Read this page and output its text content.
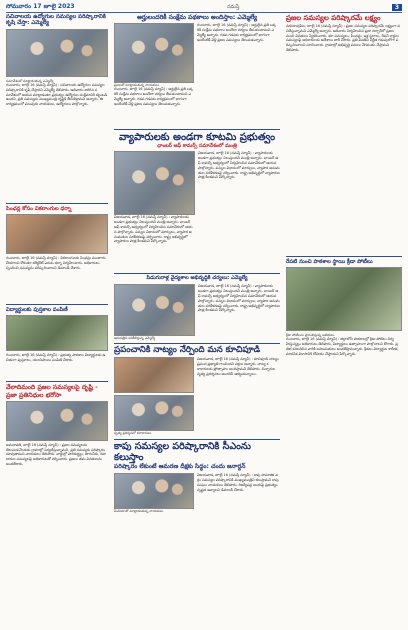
సోమవారం 17 జూలై 2023	నమస్తే	3
సచివాలయ ఉద్యోగుల సమస్యల పరిష్కారానికి కృషి చేస్తా: ఎమ్మెల్యే
సమావేశంలో మాట్లాడుతున్న ఎమ్మెల్యే
గుంటూరు, జూలై 16 (నమస్తే న్యూస్) : సచివాలయ ఉద్యోగుల సమస్యల పరిష్కారానికి కృషి చేస్తానని ఎమ్మెల్యే తెలిపారు. ఆదివారం జరిగిన సమావేశంలో ఆయన మాట్లాడుతూ ప్రభుత్వం ఉద్యోగుల సంక్షేమానికి కట్టుబడి ఉందని, ప్రతి సమస్యను ముఖ్యమంత్రి దృష్టికి తీసుకెళ్తామని అన్నారు. ఈ కార్యక్రమంలో పలువురు నాయకులు, ఉద్యోగులు పాల్గొన్నారు.
పింఛన్ల కోసం వికలాంగుల ధర్నా
గుంటూరు, జూలై 16 (నమస్తే న్యూస్) : వికలాంగులకు పింఛన్లు మంజూరు చేయాలని కోరుతూ కలెక్టరేట్ ఎదుట ధర్నా నిర్వహించారు. అధికారులు స్పందించి సమస్యను పరిష్కరించాలని డిమాండ్ చేశారు.
విద్యార్థులకు పుస్తకాల పంపిణీ
గుంటూరు, జూలై 16 (నమస్తే న్యూస్) : ప్రభుత్వ పాఠశాల విద్యార్థులకు ఉచితంగా పుస్తకాలు, యూనిఫాంలు పంపిణీ చేశారు.
వేలాదిమంది ప్రజల సమస్యలపై దృష్టి - ప్రజా ప్రతినిధుల భరోసా
అమరావతి, జూలై 16 (నమస్తే న్యూస్) : ప్రజల సమస్యలను తెలుసుకునేందుకు గ్రామాల్లో పర్యటిస్తున్నామని, ప్రతి సమస్యకు పరిష్కారం చూపుతామని నాయకులు తెలిపారు. వార్డుల్లో పారిశుద్ధ్యం, తాగునీరు, రహదారుల సమస్యలపై అధికారులతో చర్చించారు. ప్రజలు తమ వినతులను అందజేశారు.
అర్హులందరికీ సంక్షేమ పథకాలు అందిస్తాం: ఎమ్మెల్యే
ప్రజలతో మాట్లాడుతున్న నాయకులు
గుంటూరు, జూలై 16 (నమస్తే న్యూస్) : అర్హులైన ప్రతి ఒక్కరికీ సంక్షేమ పథకాలు అందేలా చర్యలు తీసుకుంటామని ఎమ్మెల్యే అన్నారు. గడప గడపకు కార్యక్రమంలో భాగంగా ఇంటింటికీ వెళ్లి ప్రజల సమస్యలు తెలుసుకున్నారు.
గుంటూరు, జూలై 16 (నమస్తే న్యూస్) : అర్హులైన ప్రతి ఒక్కరికీ సంక్షేమ పథకాలు అందేలా చర్యలు తీసుకుంటామని ఎమ్మెల్యే అన్నారు. గడప గడపకు కార్యక్రమంలో భాగంగా ఇంటింటికీ వెళ్లి ప్రజల సమస్యలు తెలుసుకున్నారు.
వ్యాపారులకు అండగా కూటమి ప్రభుత్వం
ఛాంబర్ ఆఫ్ కామర్స్ సమావేశంలో మంత్రి
విజయవాడ, జూలై 16 (నమస్తే న్యూస్) : వ్యాపారులకు అండగా ప్రభుత్వం నిలుస్తుందని మంత్రి అన్నారు. ఛాంబర్ ఆఫ్ కామర్స్ ఆధ్వర్యంలో నిర్వహించిన సమావేశంలో ఆయన పాల్గొన్నారు. పన్నుల విధానంలో మార్పులు, వ్యాపార అనుమతుల సరళీకరణపై చర్చించారు. రాష్ట్ర అభివృద్ధిలో వ్యాపారుల పాత్ర కీలకమని పేర్కొన్నారు.
విజయవాడ, జూలై 16 (నమస్తే న్యూస్) : వ్యాపారులకు అండగా ప్రభుత్వం నిలుస్తుందని మంత్రి అన్నారు. ఛాంబర్ ఆఫ్ కామర్స్ ఆధ్వర్యంలో నిర్వహించిన సమావేశంలో ఆయన పాల్గొన్నారు. పన్నుల విధానంలో మార్పులు, వ్యాపార అనుమతుల సరళీకరణపై చర్చించారు. రాష్ట్ర అభివృద్ధిలో వ్యాపారుల పాత్ర కీలకమని పేర్కొన్నారు.
పిడుగురాళ్ల వైద్యశాల అభివృద్ధికి చర్యలు: ఎమ్మెల్యే
విజయవాడ, జూలై 16 (నమస్తే న్యూస్) : వ్యాపారులకు అండగా ప్రభుత్వం నిలుస్తుందని మంత్రి అన్నారు. ఛాంబర్ ఆఫ్ కామర్స్ ఆధ్వర్యంలో నిర్వహించిన సమావేశంలో ఆయన పాల్గొన్నారు. పన్నుల విధానంలో మార్పులు, వ్యాపార అనుమతుల సరళీకరణపై చర్చించారు. రాష్ట్ర అభివృద్ధిలో వ్యాపారుల పాత్ర కీలకమని పేర్కొన్నారు.
ఆసుపత్రిని పరిశీలిస్తున్న ఎమ్మెల్యే
ప్రపంచానికి నాట్యం నేర్పింది మన కూచిపూడి
నృత్య ప్రదర్శనలో కళాకారులు
విజయవాడ, జూలై 16 (నమస్తే న్యూస్) : కూచిపూడి నాట్యం ప్రపంచ ప్రఖ్యాతి గాంచిందని వక్తలు అన్నారు. నాట్య కళాకారులకు ప్రోత్సాహం అందిస్తామని తెలిపారు. చిన్నారుల నృత్య ప్రదర్శనలు అందరినీ ఆకట్టుకున్నాయి.
కాపు సమస్యల పరిష్కారానికి సీఎంను కలుస్తాం
పరిష్కారం లేకుంటే ఆమరణ దీక్షకు సిద్ధం: చందు జనార్దన్
మీడియాతో మాట్లాడుతున్న నాయకులు
విజయవాడ, జూలై 16 (నమస్తే న్యూస్) : కాపు సామాజిక వర్గం సమస్యల పరిష్కారానికి ముఖ్యమంత్రిని కలుస్తామని కాపు సంఘం నాయకులు తెలిపారు. రిజర్వేషన్ల అంశంపై ప్రభుత్వం స్పష్టత ఇవ్వాలని డిమాండ్ చేశారు.
ప్రజల సమస్యల పరిష్కారమే లక్ష్యం
నరసరావుపేట, జూలై 16 (నమస్తే న్యూస్) : ప్రజల సమస్యల పరిష్కారమే లక్ష్యంగా పనిచేస్తున్నామని ఎమ్మెల్యే అన్నారు. ఆదివారం నిర్వహించిన ప్రజా దర్బార్‌లో ప్రజల నుంచి వినతులు స్వీకరించారు. భూ సమస్యలు, పింఛన్లు, ఇళ్ల స్థలాలు, రేషన్ కార్డుల సమస్యలపై అధికారులకు ఆదేశాలు జారీ చేశారు. ప్రతి వినతిని నిర్ణీత గడువులోగా పరిష్కరించాలని సూచించారు. గ్రామాల్లో అభివృద్ధి పనులు వేగవంతం చేస్తామని తెలిపారు.
రేపటి నుంచి పాఠశాల స్థాయి క్రీడా పోటీలు
క్రీడా పోటీలను ప్రారంభిస్తున్న అతిథులు
గుంటూరు, జూలై 16 (నమస్తే న్యూస్) : జిల్లాలోని పాఠశాలల్లో క్రీడా పోటీలు నిర్వహిస్తున్నట్లు అధికారులు తెలిపారు. విద్యార్థులు ఉత్సాహంగా పాల్గొనాలని కోరారు. ప్రతిభ కనబరిచిన వారికి బహుమతులు అందజేస్తామన్నారు. క్రీడలు విద్యార్థుల శారీరక, మానసిక వికాసానికి దోహదం చేస్తాయని పేర్కొన్నారు.
